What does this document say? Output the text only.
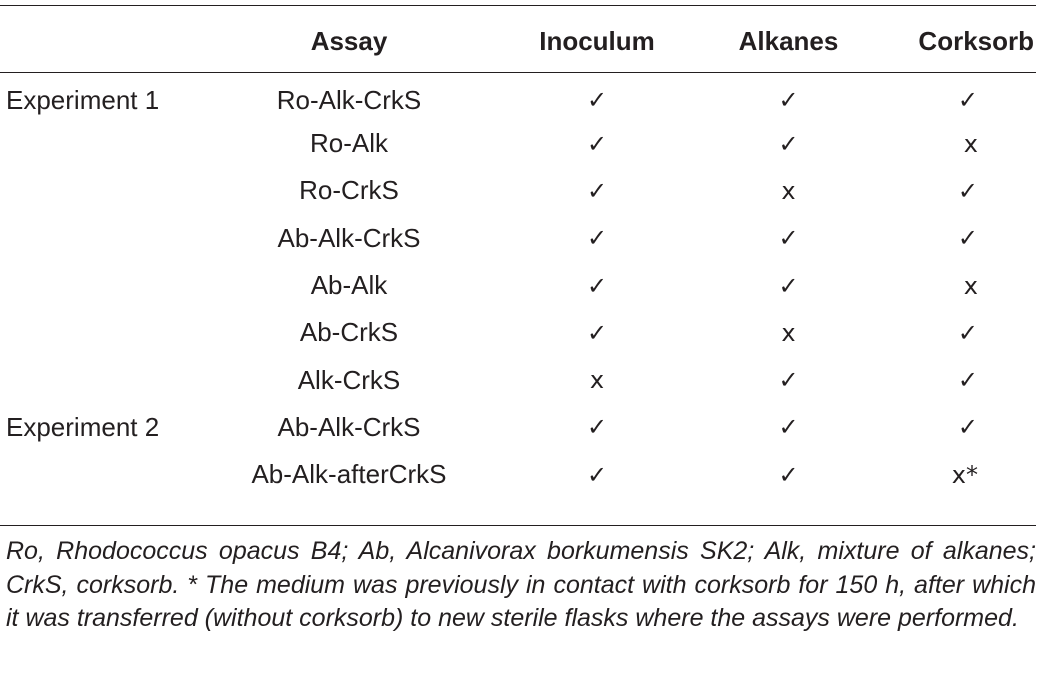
	Assay	Inoculum	Alkanes	Corksorb
Experiment 1	Ro-Alk-CrkS	✓	✓	✓
	Ro-Alk	✓	✓	x
	Ro-CrkS	✓	x	✓
	Ab-Alk-CrkS	✓	✓	✓
	Ab-Alk	✓	✓	x
	Ab-CrkS	✓	x	✓
	Alk-CrkS	x	✓	✓
Experiment 2	Ab-Alk-CrkS	✓	✓	✓
	Ab-Alk-afterCrkS	✓	✓	x*
Ro, Rhodococcus opacus B4; Ab, Alcanivorax borkumensis SK2; Alk, mixture of alkanes; CrkS, corksorb. * The medium was previously in contact with corksorb for 150 h, after which it was transferred (without corksorb) to new sterile flasks where the assays were performed.
